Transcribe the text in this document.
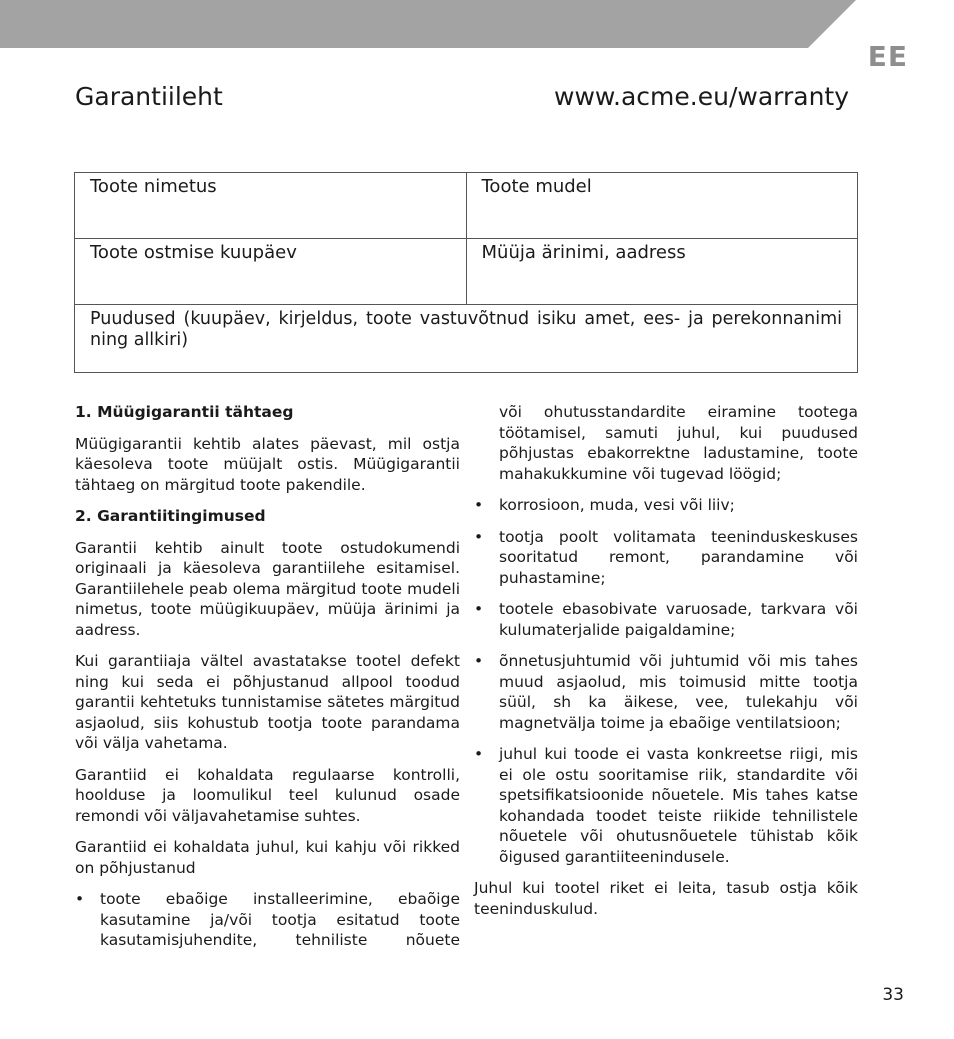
EE
Garantiileht	www.acme.eu/warranty
Toote nimetus	Toote mudel
Toote ostmise kuupäev	Müüja ärinimi, aadress
Puudused (kuupäev, kirjeldus, toote vastuvõtnud isiku amet, ees- ja perekonnanimi ning allkiri)	
1. Müügigarantii tähtaeg

Müügigarantii kehtib alates päevast, mil ostja käesoleva toote müüjalt ostis. Müügigarantii tähtaeg on märgitud toote pakendile.

2. Garantiitingimused

Garantii kehtib ainult toote ostudokumendi originaali ja käesoleva garantiilehe esitamisel. Garantiilehele peab olema märgitud toote mudeli nimetus, toote müügikuupäev, müüja ärinimi ja aadress.

Kui garantiiaja vältel avastatakse tootel defekt ning kui seda ei põhjustanud allpool toodud garantii kehtetuks tunnistamise sätetes märgitud asjaolud, siis kohustub tootja toote parandama või välja vahetama.

Garantiid ei kohaldata regulaarse kontrolli, hoolduse ja loomulikul teel kulunud osade remondi või väljavahetamise suhtes.

Garantiid ei kohaldata juhul, kui kahju või rikked on põhjustanud

• toote ebaõige installeerimine, ebaõige kasutamine ja/või tootja esitatud toote kasutamisjuhendite, tehniliste nõuete

või ohutusstandardite eiramine tootega töötamisel, samuti juhul, kui puudused põhjustas ebakorrektne ladustamine, toote mahakukkumine või tugevad löögid;

• korrosioon, muda, vesi või liiv;
• tootja poolt volitamata teeninduskeskuses sooritatud remont, parandamine või puhastamine;
• tootele ebasobivate varuosade, tarkvara või kulumaterjalide paigaldamine;
• õnnetusjuhtumid või juhtumid või mis tahes muud asjaolud, mis toimusid mitte tootja süül, sh ka äikese, vee, tulekahju või magnetvälja toime ja ebaõige ventilatsioon;
• juhul kui toode ei vasta konkreetse riigi, mis ei ole ostu sooritamise riik, standardite või spetsifikatsioonide nõuetele. Mis tahes katse kohandada toodet teiste riikide tehnilistele nõuetele või ohutusnõuetele tühistab kõik õigused garantiiteenindusele.

Juhul kui tootel riket ei leita, tasub ostja kõik teeninduskulud.

33
